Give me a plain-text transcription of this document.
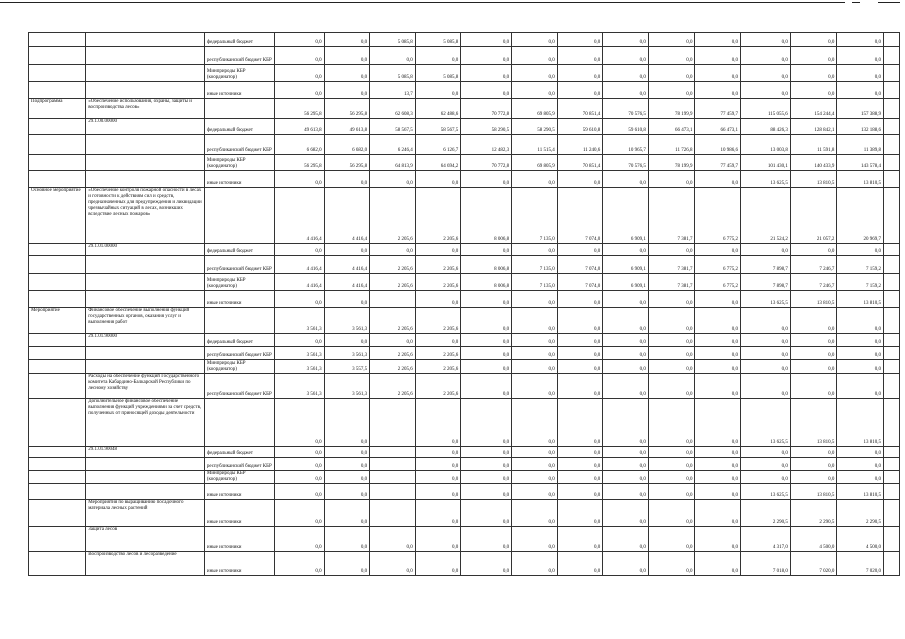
		федеральный бюджет	0,0	0,0	5 085,8	5 085,8	0,0	0,0	0,0	0,0	0,0	0,0	0,0	0,0	0,0	
		республиканский бюджет КБР	0,0	0,0	0,0	0,0	0,0	0,0	0,0	0,0	0,0	0,0	0,0	0,0	0,0	
		Минприроды КБР (координатор)	0,0	0,0	5 085,8	5 085,8	0,0	0,0	0,0	0,0	0,0	0,0	0,0	0,0	0,0	
		иные источники	0,0	0,0	13,7	0,0	0,0	0,0	0,0	0,0	0,0	0,0	0,0	0,0	0,0	
Подпрограмма	«Обеспечение использования, охраны, защиты и воспроизводства лесов»		56 295,8	56 295,8	62 608,3	62 488,6	70 772,8	69 805,9	70 851,4	70 576,5	78 199,9	77 459,7	115 055,6	154 244,4	157 388,9	
	29.1.00.00000	федеральный бюджет	49 613,8	49 613,8	58 567,5	58 567,5	58 290,5	58 290,5	59 610,8	59 610,8	66 473,1	66 473,1	88 426,3	128 842,1	132 188,6	
		республиканский бюджет КБР	6 682,0	6 682,0	6 246,4	6 126,7	12 482,3	11 515,4	11 240,6	10 965,7	11 726,8	10 986,6	13 003,8	11 591,8	11 389,8	
		Минприроды КБР (координатор)	56 295,8	56 295,8	64 813,9	64 694,2	70 772,8	69 805,9	70 851,4	70 576,5	78 199,9	77 459,7	101 430,1	140 433,9	143 578,4	
		иные источники	0,0	0,0	0,0	0,0	0,0	0,0	0,0	0,0	0,0	0,0	13 625,5	13 810,5	13 810,5	
Основное мероприятие	«Обеспечение контроля пожарной опасности в лесах и готовности к действиям сил и средств, предназначенных для предупреждения и ликвидации чрезвычайных ситуаций в лесах, возникших вследствие лесных пожаров»		4 416,4	4 416,4	2 205,6	2 205,6	8 006,8	7 135,0	7 074,0	6 909,1	7 381,7	6 775,2	21 524,2	21 057,2	20 969,7	
	29.1.01.00000	федеральный бюджет	0,0	0,0	0,0	0,0	0,0	0,0	0,0	0,0	0,0	0,0	0,0	0,0	0,0	
		республиканский бюджет КБР	4 416,4	4 416,4	2 205,6	2 205,6	8 006,8	7 135,0	7 074,0	6 909,1	7 381,7	6 775,2	7 898,7	7 246,7	7 159,2	
		Минприроды КБР (координатор)	4 416,4	4 416,4	2 205,6	2 205,6	8 006,8	7 135,0	7 074,0	6 909,1	7 381,7	6 775,2	7 898,7	7 246,7	7 159,2	
		иные источники	0,0	0,0		0,0	0,0	0,0	0,0	0,0	0,0	0,0	13 625,5	13 810,5	13 810,5	
Мероприятие	Финансовое обеспечение выполнения функций государственных органов, оказания услуг и выполнения работ		3 561,3	3 561,3	2 205,6	2 205,6	0,0	0,0	0,0	0,0	0,0	0,0	0,0	0,0	0,0	
	29.1.01.90000	федеральный бюджет	0,0	0,0	0,0	0,0	0,0	0,0	0,0	0,0	0,0	0,0	0,0	0,0	0,0	
		республиканский бюджет КБР	3 561,3	3 561,3	2 205,6	2 205,6	0,0	0,0	0,0	0,0	0,0	0,0	0,0	0,0	0,0	
		Минприроды КБР (координатор)	3 561,3	3 557,5	2 205,6	2 205,6	0,0	0,0	0,0	0,0	0,0	0,0	0,0	0,0	0,0	
	Расходы на обеспечение функций Государственного комитета Кабардино-Балкарской Республики по лесному хозяйству	республиканский бюджет КБР	3 561,3	3 561,3	2 205,6	2 205,6	0,0	0,0	0,0	0,0	0,0	0,0	0,0	0,0	0,0	
	Дополнительное финансовое обеспечение выполнения функций учреждениями за счет средств, полученных от приносящей доходы деятельности		0,0	0,0		0,0	0,0	0,0	0,0	0,0	0,0	0,0	13 625,5	13 810,5	13 810,5	
	29.1.01.90048	федеральный бюджет	0,0	0,0		0,0	0,0	0,0	0,0	0,0	0,0	0,0	0,0	0,0	0,0	
		республиканский бюджет КБР	0,0	0,0		0,0	0,0	0,0	0,0	0,0	0,0	0,0	0,0	0,0	0,0	
		Минприроды КБР (координатор)	0,0	0,0		0,0	0,0	0,0	0,0	0,0	0,0	0,0	0,0	0,0	0,0	
		иные источники	0,0	0,0		0,0	0,0	0,0	0,0	0,0	0,0	0,0	13 625,5	13 810,5	13 810,5	
	Мероприятия по выращиванию посадочного материала лесных растений	иные источники	0,0	0,0		0,0	0,0	0,0	0,0	0,0	0,0	0,0	2 290,5	2 290,5	2 290,5	
	Защита лесов	иные источники	0,0	0,0	0,0	0,0	0,0	0,0	0,0	0,0	0,0	0,0	4 317,0	4 500,0	4 500,0	
	Воспроизводство лесов и лесоразведение	иные источники	0,0	0,0	0,0	0,0	0,0	0,0	0,0	0,0	0,0	0,0	7 018,0	7 020,0	7 020,0	
